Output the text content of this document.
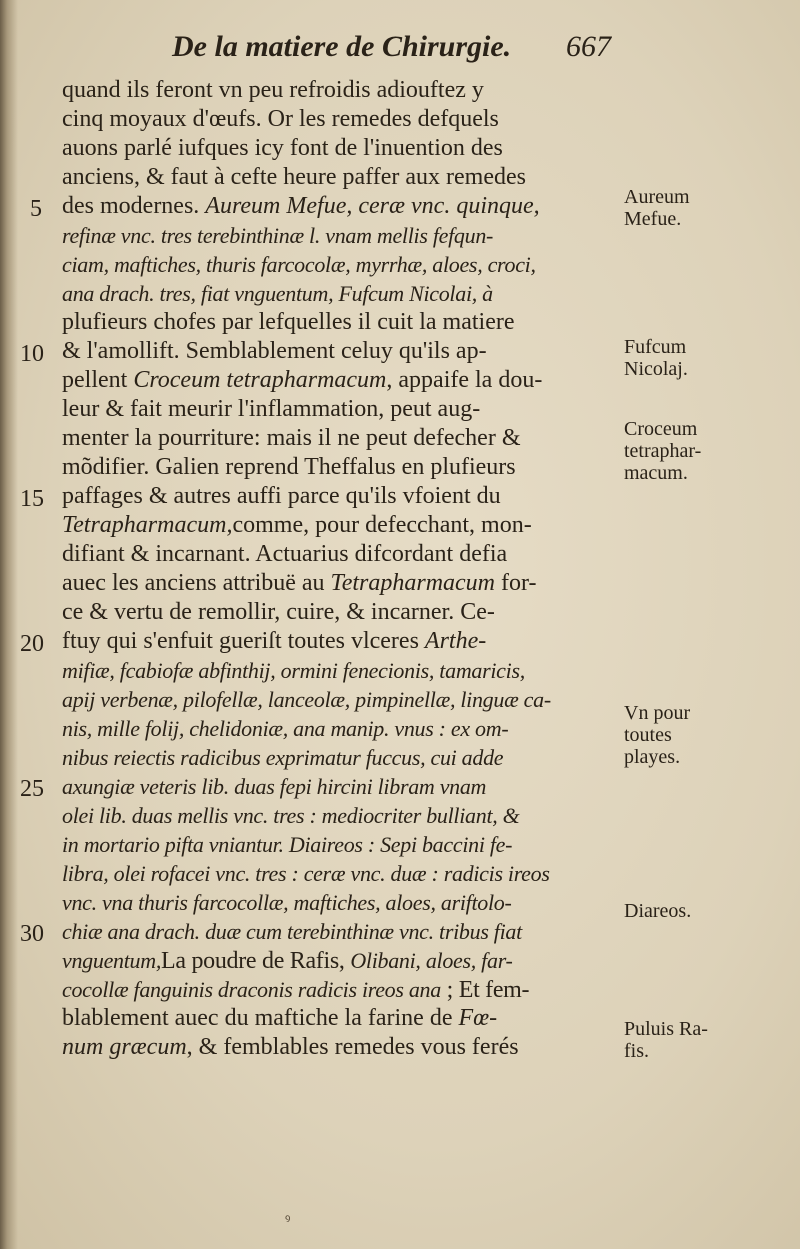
De la matiere de Chirurgie. 667
quand ils feront vn peu refroidis adiouftez y
cinq moyaux d'œufs. Or les remedes defquels
auons parlé iufques icy font de l'inuention des
anciens, & faut à cefte heure paffer aux remedes
des modernes. Aureum Mefue, ceræ vnc. quinque,
refinæ vnc. tres terebinthinæ l. vnam mellis fefqun-
ciam, maftiches, thuris farcocolæ, myrrhæ, aloes, croci,
ana drach. tres, fiat vnguentum, Fufcum Nicolai, à
plufieurs chofes par lefquelles il cuit la matiere
& l'amollift. Semblablement celuy qu'ils ap-
pellent Croceum tetrapharmacum, appaife la dou-
leur & fait meurir l'inflammation, peut aug-
menter la pourriture: mais il ne peut defecher &
mõdifier. Galien reprend Theffalus en plufieurs
paffages & autres auffi parce qu'ils vfoient du
Tetrapharmacum,comme, pour defecchant, mon-
difiant & incarnant. Actuarius difcordant defia
auec les anciens attribuë au Tetrapharmacum for-
ce & vertu de remollir, cuire, & incarner. Ce-
ftuy qui s'enfuit gueriſt toutes vlceres Arthe-
mifiæ, fcabiofæ abfinthij, ormini fenecionis, tamaricis,
apij verbenæ, pilofellæ, lanceolæ, pimpinellæ, linguæ ca-
nis, mille folij, chelidoniæ, ana manip. vnus : ex om-
nibus reiectis radicibus exprimatur fuccus, cui adde
axungiæ veteris lib. duas fepi hircini libram vnam
olei lib. duas mellis vnc. tres : mediocriter bulliant, &
in mortario pifta vniantur. Diaireos : Sepi baccini fe-
libra, olei rofacei vnc. tres : ceræ vnc. duæ : radicis ireos
vnc. vna thuris farcocollæ, maftiches, aloes, ariftolo-
chiæ ana drach. duæ cum terebinthinæ vnc. tribus fiat
vnguentum,La poudre de Rafis, Olibani, aloes, far-
cocollæ fanguinis draconis radicis ireos ana ; Et fem-
blablement auec du maftiche la farine de Fœ-
num græcum, & femblables remedes vous ferés
5
10
15
20
25
30
Aureum
Mefue.
Fufcum
Nicolaj.
Croceum
tetraphar-
macum.
Vn pour
toutes
playes.
Diareos.
Puluis Ra-
fis.
ꝰ
